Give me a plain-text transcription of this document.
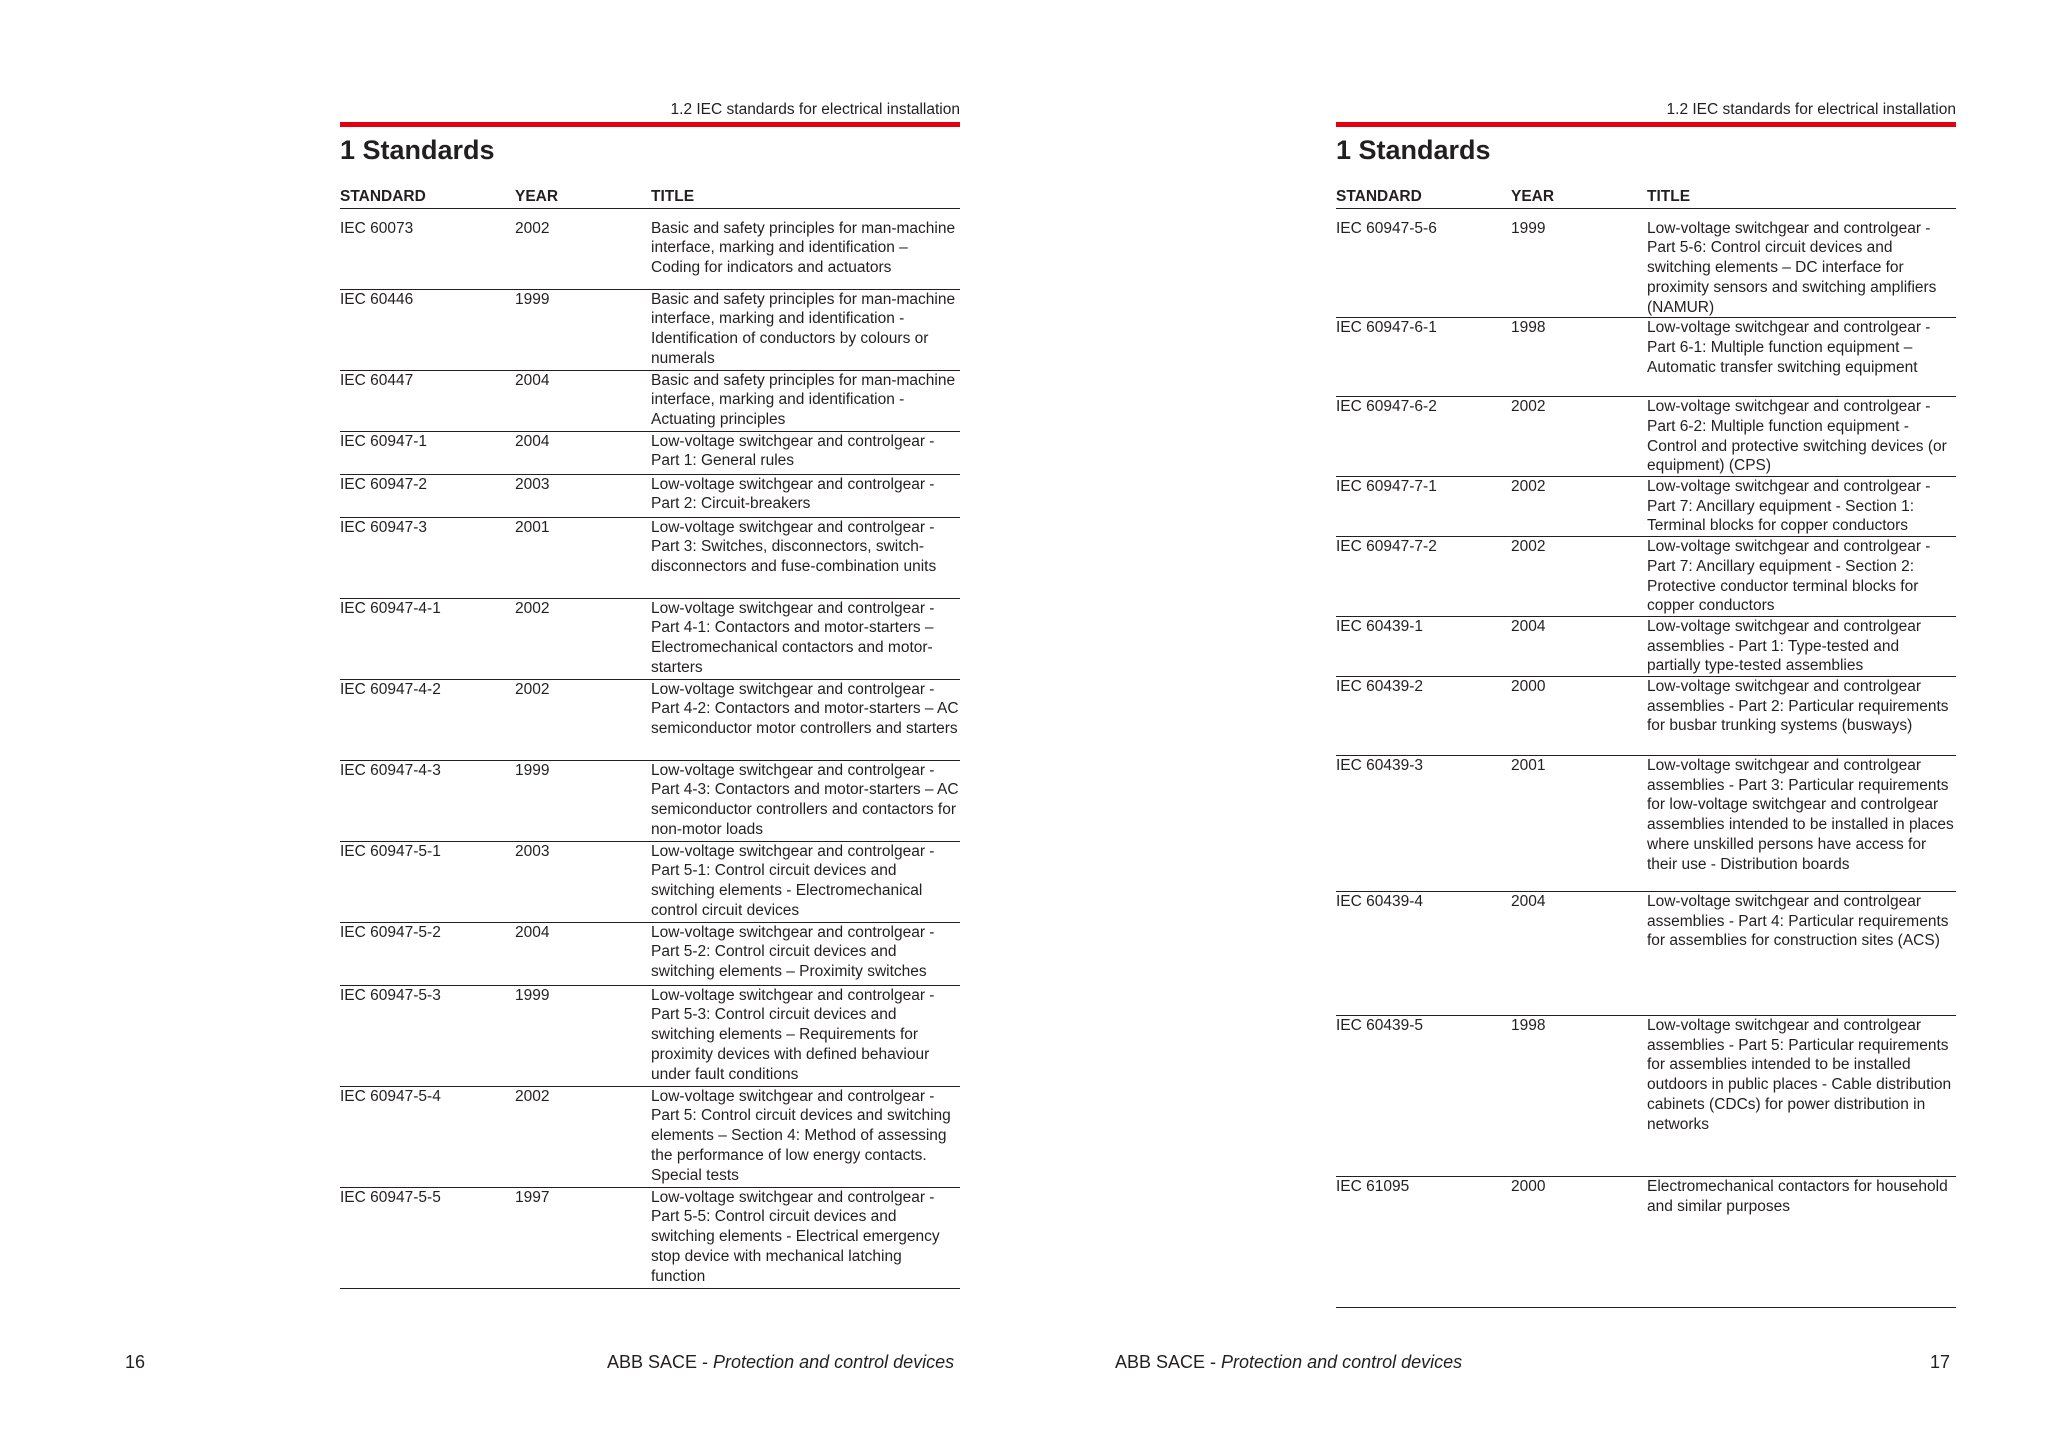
1.2 IEC standards for electrical installation
1 Standards
STANDARD	YEAR	TITLE
IEC 60073	2002	Basic and safety principles for man-machine interface, marking and identification – Coding for indicators and actuators
IEC 60446	1999	Basic and safety principles for man-machine interface, marking and identification - Identification of conductors by colours or numerals
IEC 60447	2004	Basic and safety principles for man-machine interface, marking and identification - Actuating principles
IEC 60947-1	2004	Low-voltage switchgear and controlgear - Part 1: General rules
IEC 60947-2	2003	Low-voltage switchgear and controlgear - Part 2: Circuit-breakers
IEC 60947-3	2001	Low-voltage switchgear and controlgear - Part 3: Switches, disconnectors, switch-disconnectors and fuse-combination units
IEC 60947-4-1	2002	Low-voltage switchgear and controlgear - Part 4-1: Contactors and motor-starters – Electromechanical contactors and motor-starters
IEC 60947-4-2	2002	Low-voltage switchgear and controlgear - Part 4-2: Contactors and motor-starters – AC semiconductor motor controllers and starters
IEC 60947-4-3	1999	Low-voltage switchgear and controlgear - Part 4-3: Contactors and motor-starters – AC semiconductor controllers and contactors for non-motor loads
IEC 60947-5-1	2003	Low-voltage switchgear and controlgear - Part 5-1: Control circuit devices and switching elements - Electromechanical control circuit devices
IEC 60947-5-2	2004	Low-voltage switchgear and controlgear - Part 5-2: Control circuit devices and switching elements – Proximity switches
IEC 60947-5-3	1999	Low-voltage switchgear and controlgear - Part 5-3: Control circuit devices and switching elements – Requirements for proximity devices with defined behaviour under fault conditions
IEC 60947-5-4	2002	Low-voltage switchgear and controlgear - Part 5: Control circuit devices and switching elements – Section 4: Method of assessing the performance of low energy contacts. Special tests
IEC 60947-5-5	1997	Low-voltage switchgear and controlgear - Part 5-5: Control circuit devices and switching elements - Electrical emergency stop device with mechanical latching function
16	ABB SACE - Protection and control devices
1.2 IEC standards for electrical installation
1 Standards
STANDARD	YEAR	TITLE
IEC 60947-5-6	1999	Low-voltage switchgear and controlgear - Part 5-6: Control circuit devices and switching elements – DC interface for proximity sensors and switching amplifiers (NAMUR)
IEC 60947-6-1	1998	Low-voltage switchgear and controlgear - Part 6-1: Multiple function equipment – Automatic transfer switching equipment
IEC 60947-6-2	2002	Low-voltage switchgear and controlgear - Part 6-2: Multiple function equipment - Control and protective switching devices (or equipment) (CPS)
IEC 60947-7-1	2002	Low-voltage switchgear and controlgear - Part 7: Ancillary equipment - Section 1: Terminal blocks for copper conductors
IEC 60947-7-2	2002	Low-voltage switchgear and controlgear - Part 7: Ancillary equipment - Section 2: Protective conductor terminal blocks for copper conductors
IEC 60439-1	2004	Low-voltage switchgear and controlgear assemblies - Part 1: Type-tested and partially type-tested assemblies
IEC 60439-2	2000	Low-voltage switchgear and controlgear assemblies - Part 2: Particular requirements for busbar trunking systems (busways)
IEC 60439-3	2001	Low-voltage switchgear and controlgear assemblies - Part 3: Particular requirements for low-voltage switchgear and controlgear assemblies intended to be installed in places where unskilled persons have access for their use - Distribution boards
IEC 60439-4	2004	Low-voltage switchgear and controlgear assemblies - Part 4: Particular requirements for assemblies for construction sites (ACS)
IEC 60439-5	1998	Low-voltage switchgear and controlgear assemblies - Part 5: Particular requirements for assemblies intended to be installed outdoors in public places - Cable distribution cabinets (CDCs) for power distribution in networks
IEC 61095	2000	Electromechanical contactors for household and similar purposes
ABB SACE - Protection and control devices	17
